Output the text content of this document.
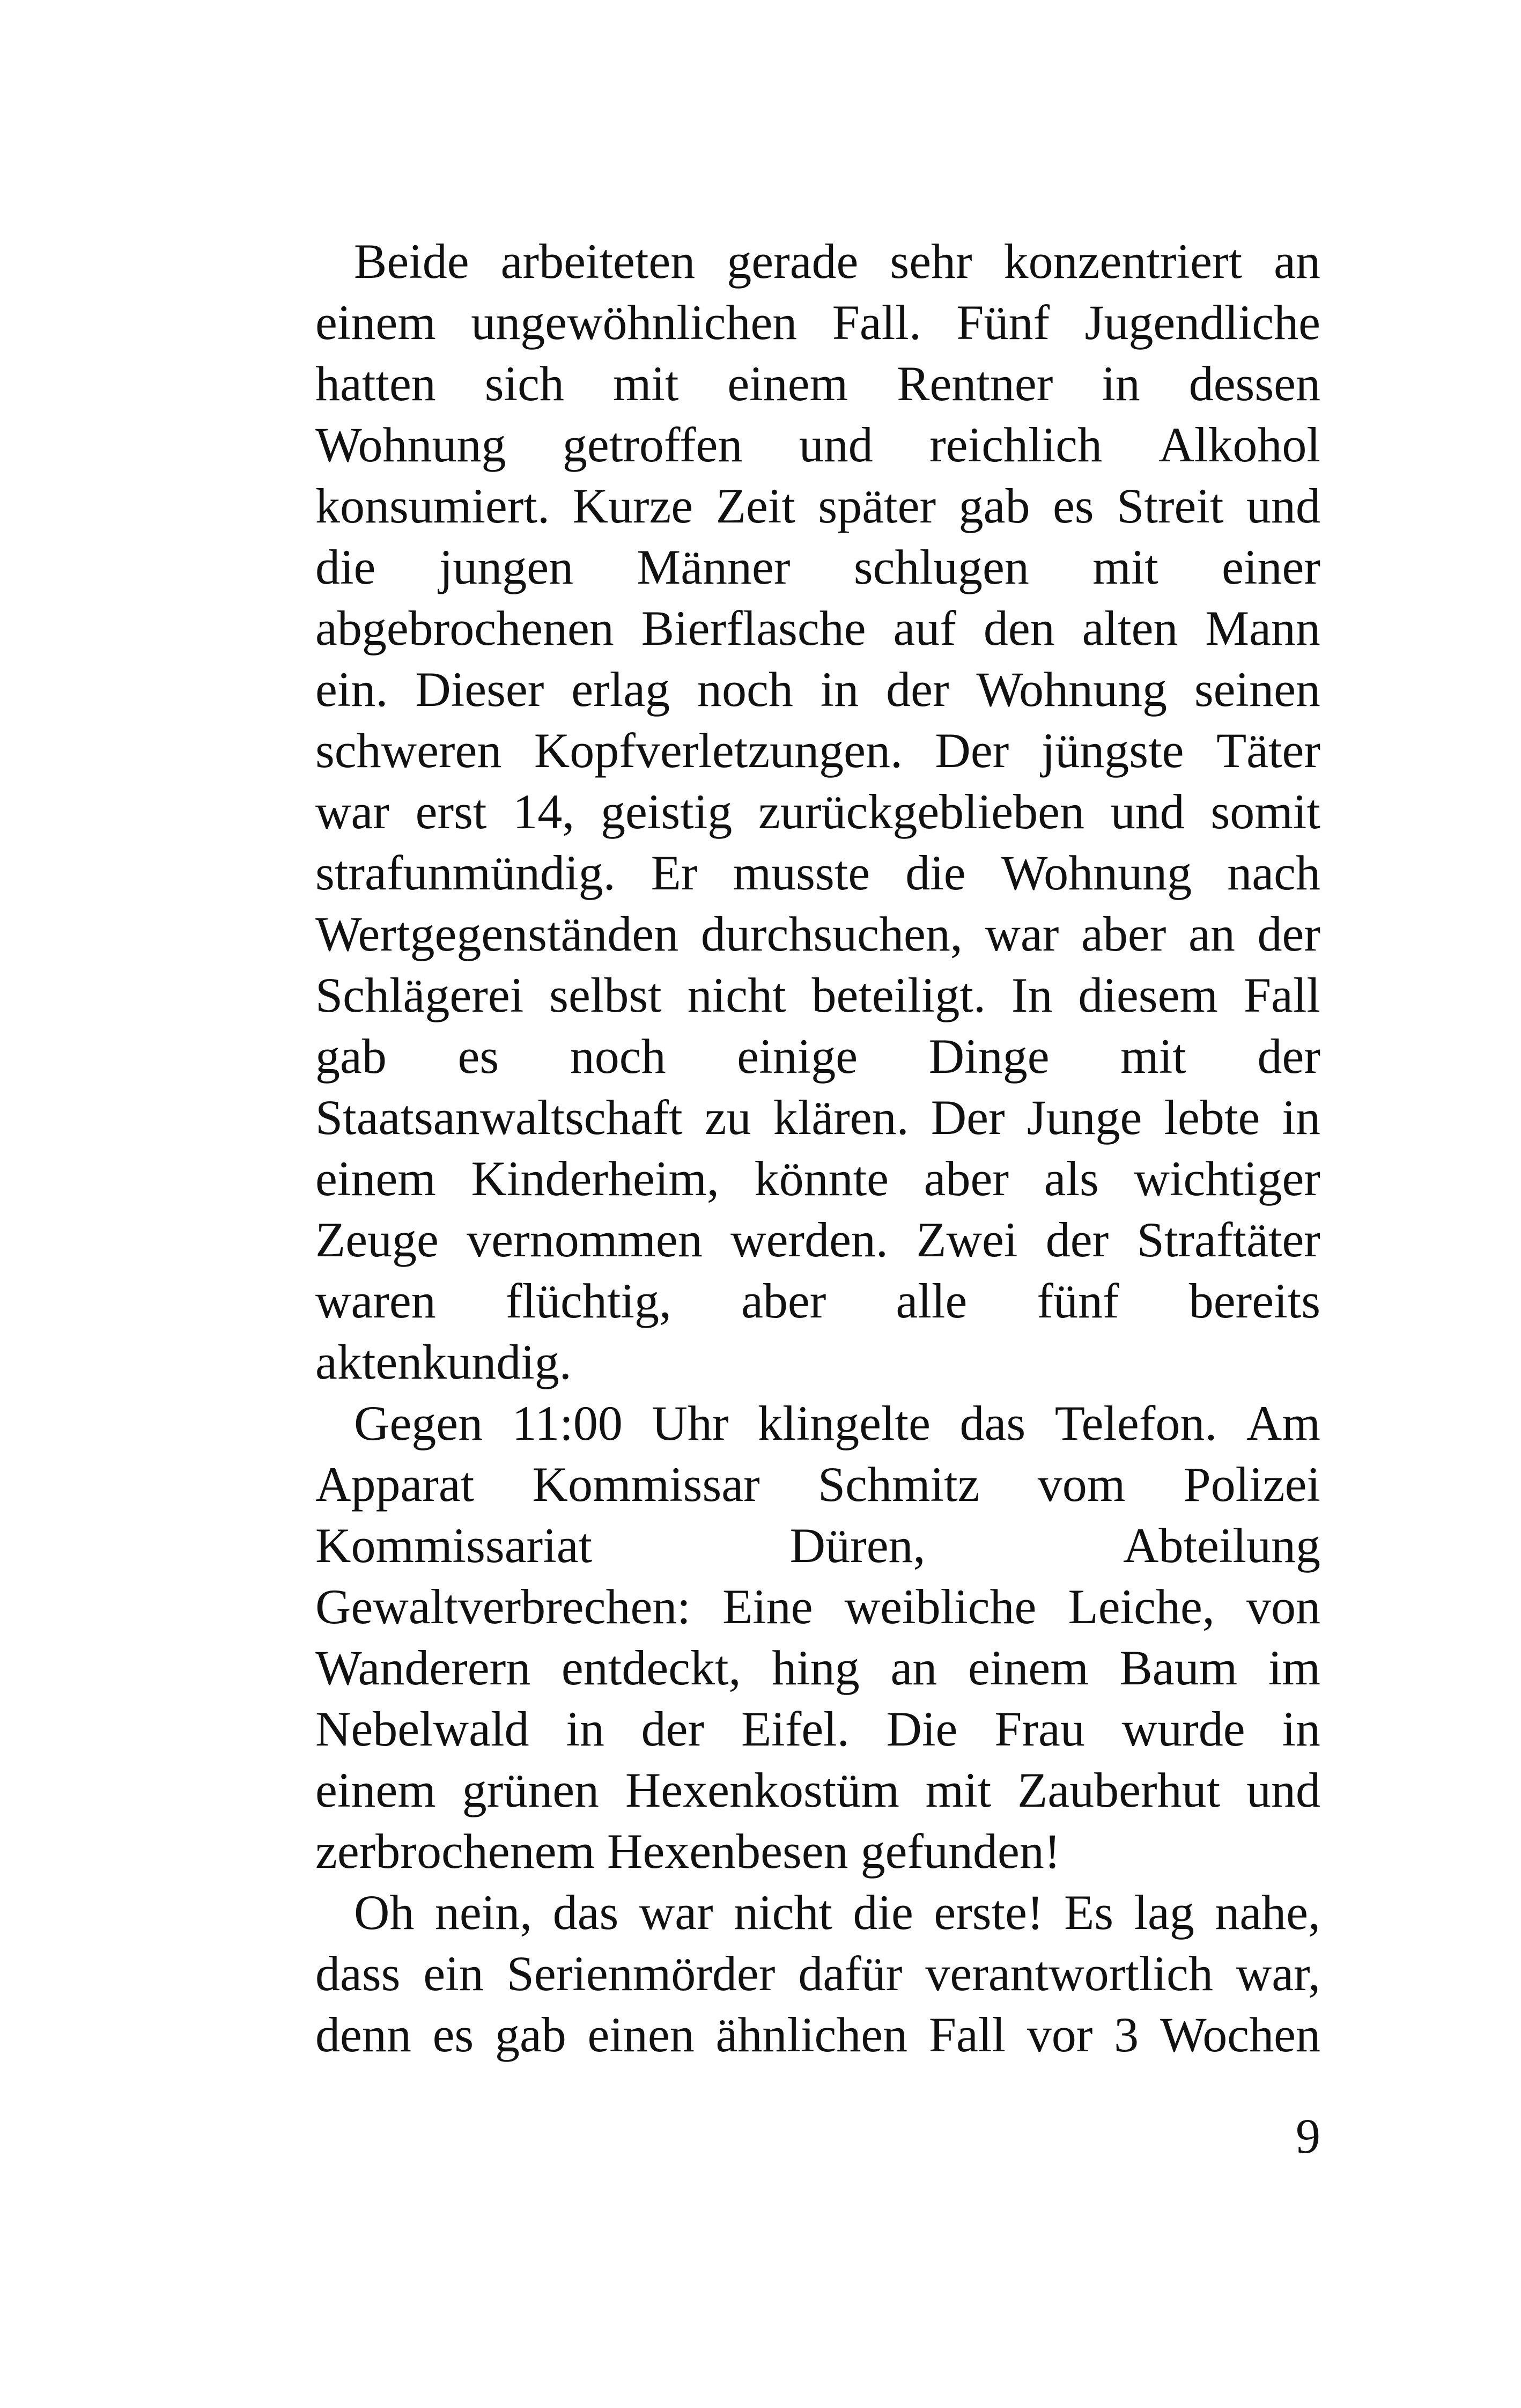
Beide arbeiteten gerade sehr konzentriert an
einem ungewöhnlichen Fall. Fünf Jugendliche
hatten sich mit einem Rentner in dessen
Wohnung getroffen und reichlich Alkohol
konsumiert. Kurze Zeit später gab es Streit und
die jungen Männer schlugen mit einer
abgebrochenen Bierflasche auf den alten Mann
ein. Dieser erlag noch in der Wohnung seinen
schweren Kopfverletzungen. Der jüngste Täter
war erst 14, geistig zurückgeblieben und somit
strafunmündig. Er musste die Wohnung nach
Wertgegenständen durchsuchen, war aber an der
Schlägerei selbst nicht beteiligt. In diesem Fall
gab es noch einige Dinge mit der
Staatsanwaltschaft zu klären. Der Junge lebte in
einem Kinderheim, könnte aber als wichtiger
Zeuge vernommen werden. Zwei der Straftäter
waren flüchtig, aber alle fünf bereits
aktenkundig.
Gegen 11:00 Uhr klingelte das Telefon. Am
Apparat Kommissar Schmitz vom Polizei
Kommissariat	Düren,	Abteilung
Gewaltverbrechen: Eine weibliche Leiche, von
Wanderern entdeckt, hing an einem Baum im
Nebelwald in der Eifel. Die Frau wurde in
einem grünen Hexenkostüm mit Zauberhut und
zerbrochenem Hexenbesen gefunden!
Oh nein, das war nicht die erste! Es lag nahe,
dass ein Serienmörder dafür verantwortlich war,
denn es gab einen ähnlichen Fall vor 3 Wochen
9
